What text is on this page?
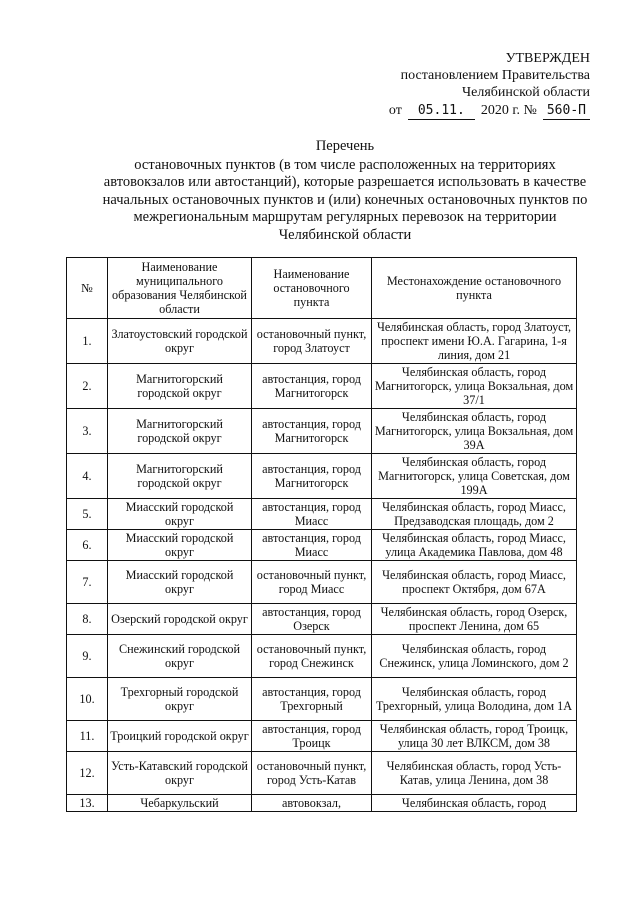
УТВЕРЖДЕН
постановлением Правительства
Челябинской области
от	05.11.	2020 г. № 560-П
Перечень
остановочных пунктов (в том числе расположенных на территориях автовокзалов или автостанций), которые разрешается использовать в качестве начальных остановочных пунктов и (или) конечных остановочных пунктов по межрегиональным маршрутам регулярных перевозок на территории Челябинской области
№	Наименование муниципального образования Челябинской области	Наименование остановочного пункта	Местонахождение остановочного пункта
1.	Златоустовский городской округ	остановочный пункт, город Златоуст	Челябинская область, город Златоуст, проспект имени Ю.А. Гагарина, 1-я линия, дом 21
2.	Магнитогорский городской округ	автостанция, город Магнитогорск	Челябинская область, город Магнитогорск, улица Вокзальная, дом 37/1
3.	Магнитогорский городской округ	автостанция, город Магнитогорск	Челябинская область, город Магнитогорск, улица Вокзальная, дом 39А
4.	Магнитогорский городской округ	автостанция, город Магнитогорск	Челябинская область, город Магнитогорск, улица Советская, дом 199А
5.	Миасский городской округ	автостанция, город Миасс	Челябинская область, город Миасс, Предзаводская площадь, дом 2
6.	Миасский городской округ	автостанция, город Миасс	Челябинская область, город Миасс, улица Академика Павлова, дом 48
7.	Миасский городской округ	остановочный пункт, город Миасс	Челябинская область, город Миасс, проспект Октября, дом 67А
8.	Озерский городской округ	автостанция, город Озерск	Челябинская область, город Озерск, проспект Ленина, дом 65
9.	Снежинский городской округ	остановочный пункт, город Снежинск	Челябинская область, город Снежинск, улица Ломинского, дом 2
10.	Трехгорный городской округ	автостанция, город Трехгорный	Челябинская область, город Трехгорный, улица Володина, дом 1А
11.	Троицкий городской округ	автостанция, город Троицк	Челябинская область, город Троицк, улица 30 лет ВЛКСМ, дом 38
12.	Усть-Катавский городской округ	остановочный пункт, город Усть-Катав	Челябинская область, город Усть-Катав, улица Ленина, дом 38
13.	Чебаркульский	автовокзал,	Челябинская область, город
